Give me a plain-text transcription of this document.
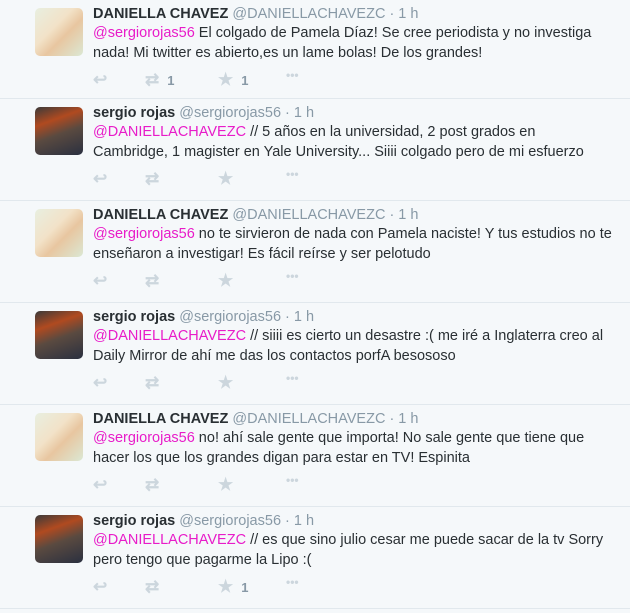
DANIELLA CHAVEZ @DANIELLACHAVEZC · 1 h
@sergiorojas56 El colgado de Pamela Díaz! Se cree periodista y no investiga nada! Mi twitter es abierto,es un lame bolas! De los grandes!
↩ ⇄ 1	★ 1	•••
sergio rojas @sergiorojas56 · 1 h
@DANIELLACHAVEZC // 5 años en la universidad, 2 post grados en Cambridge, 1 magister en Yale University... Siiii colgado pero de mi esfuerzo
↩ ⇄	★	•••
DANIELLA CHAVEZ @DANIELLACHAVEZC · 1 h
@sergiorojas56 no te sirvieron de nada con Pamela naciste! Y tus estudios no te enseñaron a investigar! Es fácil reírse y ser pelotudo
↩ ⇄	★	•••
sergio rojas @sergiorojas56 · 1 h
@DANIELLACHAVEZC // siiii es cierto un desastre :( me iré a Inglaterra creo al Daily Mirror de ahí me das los contactos porfA besososo
↩ ⇄	★	•••
DANIELLA CHAVEZ @DANIELLACHAVEZC · 1 h
@sergiorojas56 no! ahí sale gente que importa! No sale gente que tiene que hacer los que los grandes digan para estar en TV! Espinita
↩ ⇄	★	•••
sergio rojas @sergiorojas56 · 1 h
@DANIELLACHAVEZC // es que sino julio cesar me puede sacar de la tv Sorry pero tengo que pagarme la Lipo :(
↩ ⇄	★ 1	•••
